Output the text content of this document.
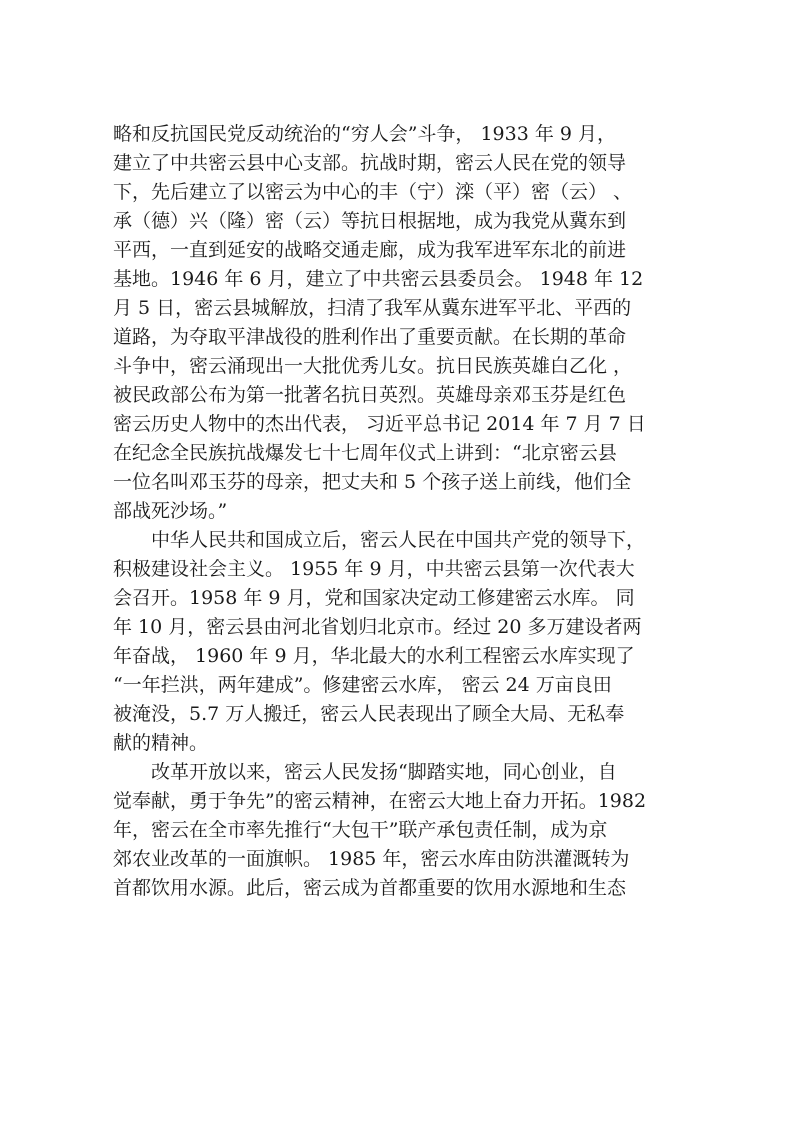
略和反抗国民党反动统治的“穷人会”斗争， 1933 年 9 月，
建立了中共密云县中心支部。抗战时期，密云人民在党的领导
下，先后建立了以密云为中心的丰（宁）滦（平）密（云） 、
承（德）兴（隆）密（云）等抗日根据地，成为我党从冀东到
平西，一直到延安的战略交通走廊，成为我军进军东北的前进
基地。1946 年 6 月，建立了中共密云县委员会。 1948 年 12
月 5 日，密云县城解放，扫清了我军从冀东进军平北、平西的
道路，为夺取平津战役的胜利作出了重要贡献。在长期的革命
斗争中，密云涌现出一大批优秀儿女。抗日民族英雄白乙化 ，
被民政部公布为第一批著名抗日英烈。英雄母亲邓玉芬是红色
密云历史人物中的杰出代表， 习近平总书记 2014 年 7 月 7 日
在纪念全民族抗战爆发七十七周年仪式上讲到：“北京密云县
一位名叫邓玉芬的母亲，把丈夫和 5 个孩子送上前线，他们全
部战死沙场。”

　　中华人民共和国成立后，密云人民在中国共产党的领导下，
积极建设社会主义。 1955 年 9 月，中共密云县第一次代表大
会召开。1958 年 9 月，党和国家决定动工修建密云水库。 同
年 10 月，密云县由河北省划归北京市。经过 20 多万建设者两
年奋战， 1960 年 9 月，华北最大的水利工程密云水库实现了
“一年拦洪，两年建成”。修建密云水库， 密云 24 万亩良田
被淹没，5.7 万人搬迁，密云人民表现出了顾全大局、无私奉
献的精神。

　　改革开放以来，密云人民发扬“脚踏实地，同心创业，自
觉奉献，勇于争先”的密云精神，在密云大地上奋力开拓。1982
年，密云在全市率先推行“大包干”联产承包责任制，成为京
郊农业改革的一面旗帜。 1985 年，密云水库由防洪灌溉转为
首都饮用水源。此后，密云成为首都重要的饮用水源地和生态
